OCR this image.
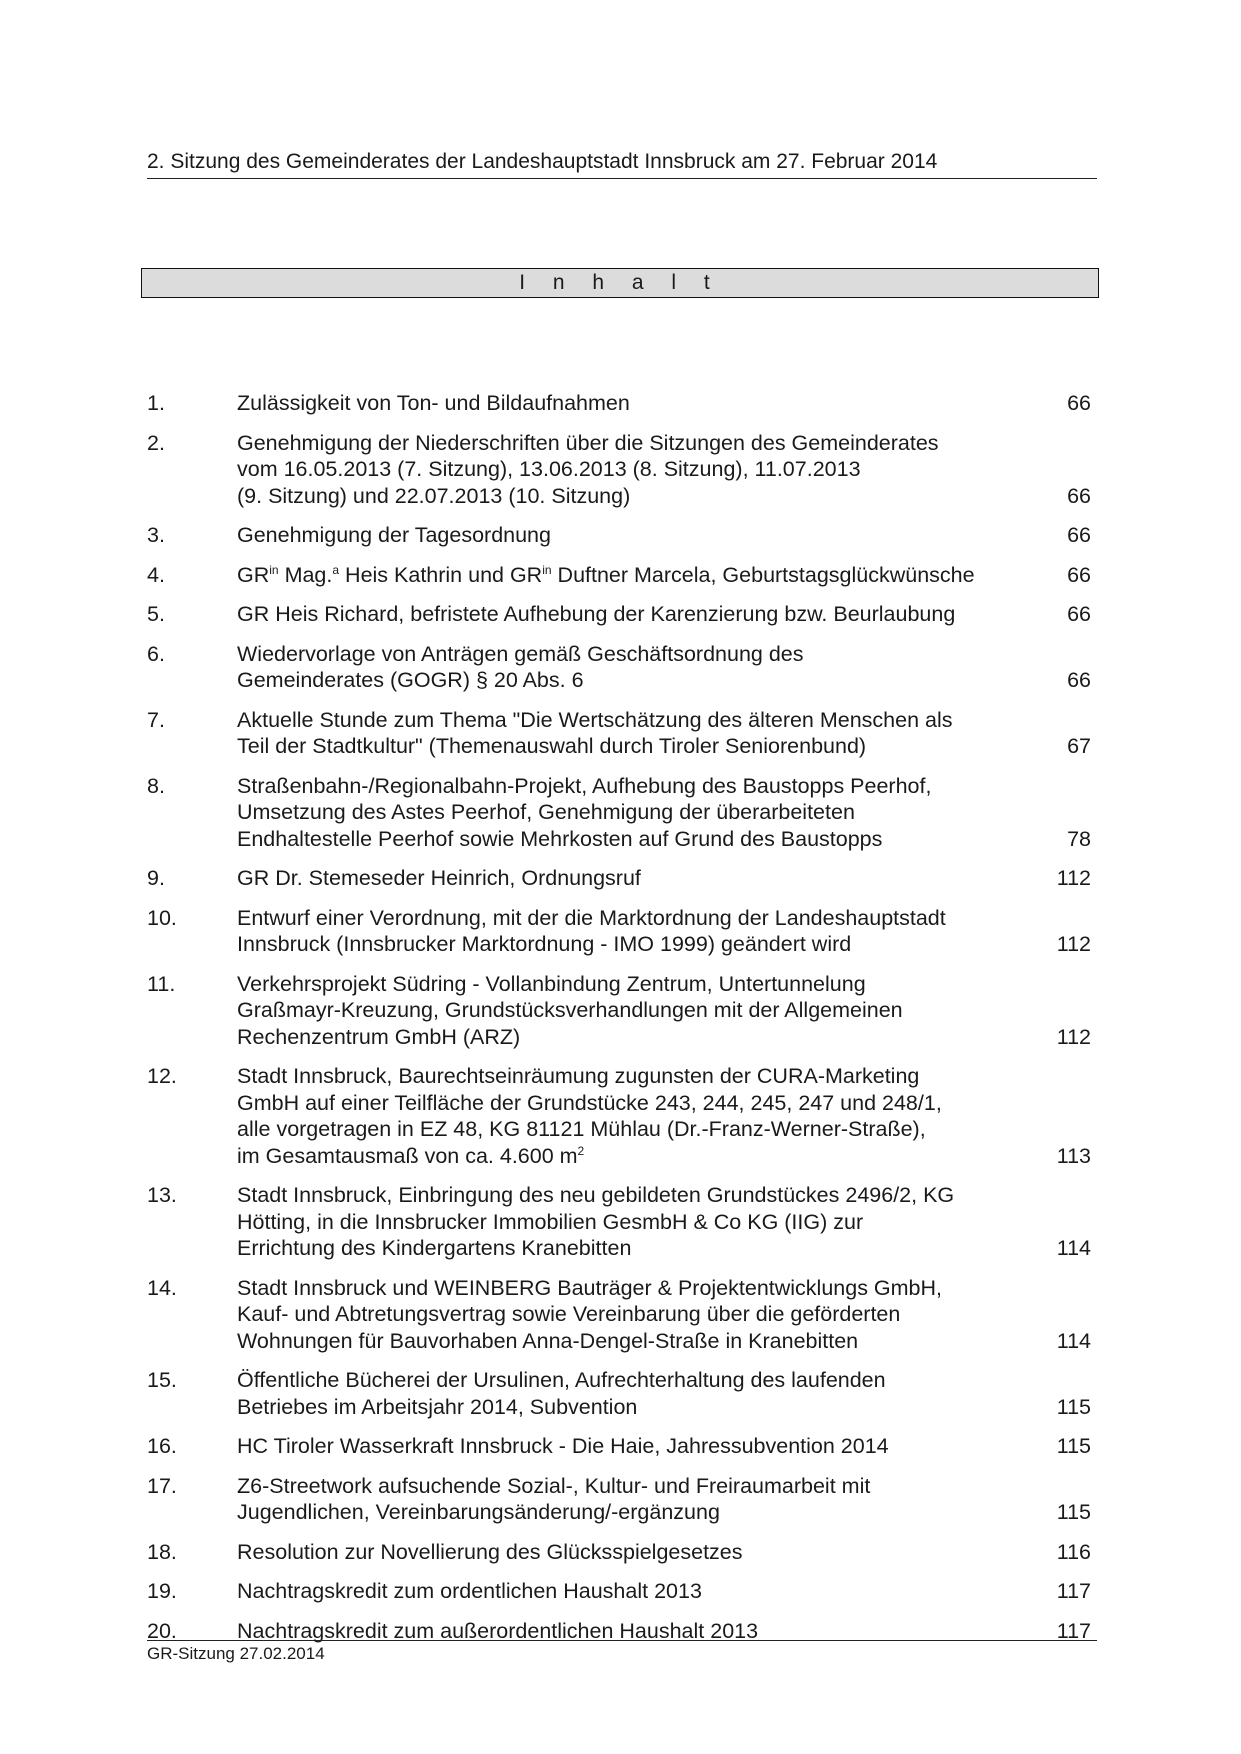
2. Sitzung des Gemeinderates der Landeshauptstadt Innsbruck am 27. Februar 2014
I n h a l t
1.	Zulässigkeit von Ton- und Bildaufnahmen	66
2.	Genehmigung der Niederschriften über die Sitzungen des Gemeinderates
vom 16.05.2013 (7. Sitzung), 13.06.2013 (8. Sitzung), 11.07.2013
(9. Sitzung) und 22.07.2013 (10. Sitzung)	66
3.	Genehmigung der Tagesordnung	66
4.	$GR^{in}$ Mag.$^a$ Heis Kathrin und $GR^{in}$ Duftner Marcela, Geburtstagsglückwünsche	66
5.	GR Heis Richard, befristete Aufhebung der Karenzierung bzw. Beurlaubung	66
6.	Wiedervorlage von Anträgen gemäß Geschäftsordnung des
Gemeinderates (GOGR) § 20 Abs. 6	66
7.	Aktuelle Stunde zum Thema "Die Wertschätzung des älteren Menschen als
Teil der Stadtkultur" (Themenauswahl durch Tiroler Seniorenbund)	67
8.	Straßenbahn-/Regionalbahn-Projekt, Aufhebung des Baustopps Peerhof,
Umsetzung des Astes Peerhof, Genehmigung der überarbeiteten
Endhaltestelle Peerhof sowie Mehrkosten auf Grund des Baustopps	78
9.	GR Dr. Stemeseder Heinrich, Ordnungsruf	112
10.	Entwurf einer Verordnung, mit der die Marktordnung der Landeshauptstadt
Innsbruck (Innsbrucker Marktordnung - IMO 1999) geändert wird	112
11.	Verkehrsprojekt Südring - Vollanbindung Zentrum, Untertunnelung
Graßmayr-Kreuzung, Grundstücksverhandlungen mit der Allgemeinen
Rechenzentrum GmbH (ARZ)	112
12.	Stadt Innsbruck, Baurechtseinräumung zugunsten der CURA-Marketing
GmbH auf einer Teilfläche der Grundstücke 243, 244, 245, 247 und 248/1,
alle vorgetragen in EZ 48, KG 81121 Mühlau (Dr.-Franz-Werner-Straße),
im Gesamtausmaß von ca. 4.600 $m^2$	113
13.	Stadt Innsbruck, Einbringung des neu gebildeten Grundstückes 2496/2, KG
Hötting, in die Innsbrucker Immobilien GesmbH & Co KG (IIG) zur
Errichtung des Kindergartens Kranebitten	114
14.	Stadt Innsbruck und WEINBERG Bauträger & Projektentwicklungs GmbH,
Kauf- und Abtretungsvertrag sowie Vereinbarung über die geförderten
Wohnungen für Bauvorhaben Anna-Dengel-Straße in Kranebitten	114
15.	Öffentliche Bücherei der Ursulinen, Aufrechterhaltung des laufenden
Betriebes im Arbeitsjahr 2014, Subvention	115
16.	HC Tiroler Wasserkraft Innsbruck - Die Haie, Jahressubvention 2014	115
17.	Z6-Streetwork aufsuchende Sozial-, Kultur- und Freiraumarbeit mit
Jugendlichen, Vereinbarungsänderung/-ergänzung	115
18.	Resolution zur Novellierung des Glücksspielgesetzes	116
19.	Nachtragskredit zum ordentlichen Haushalt 2013	117
20.	Nachtragskredit zum außerordentlichen Haushalt 2013	117
GR-Sitzung 27.02.2014
